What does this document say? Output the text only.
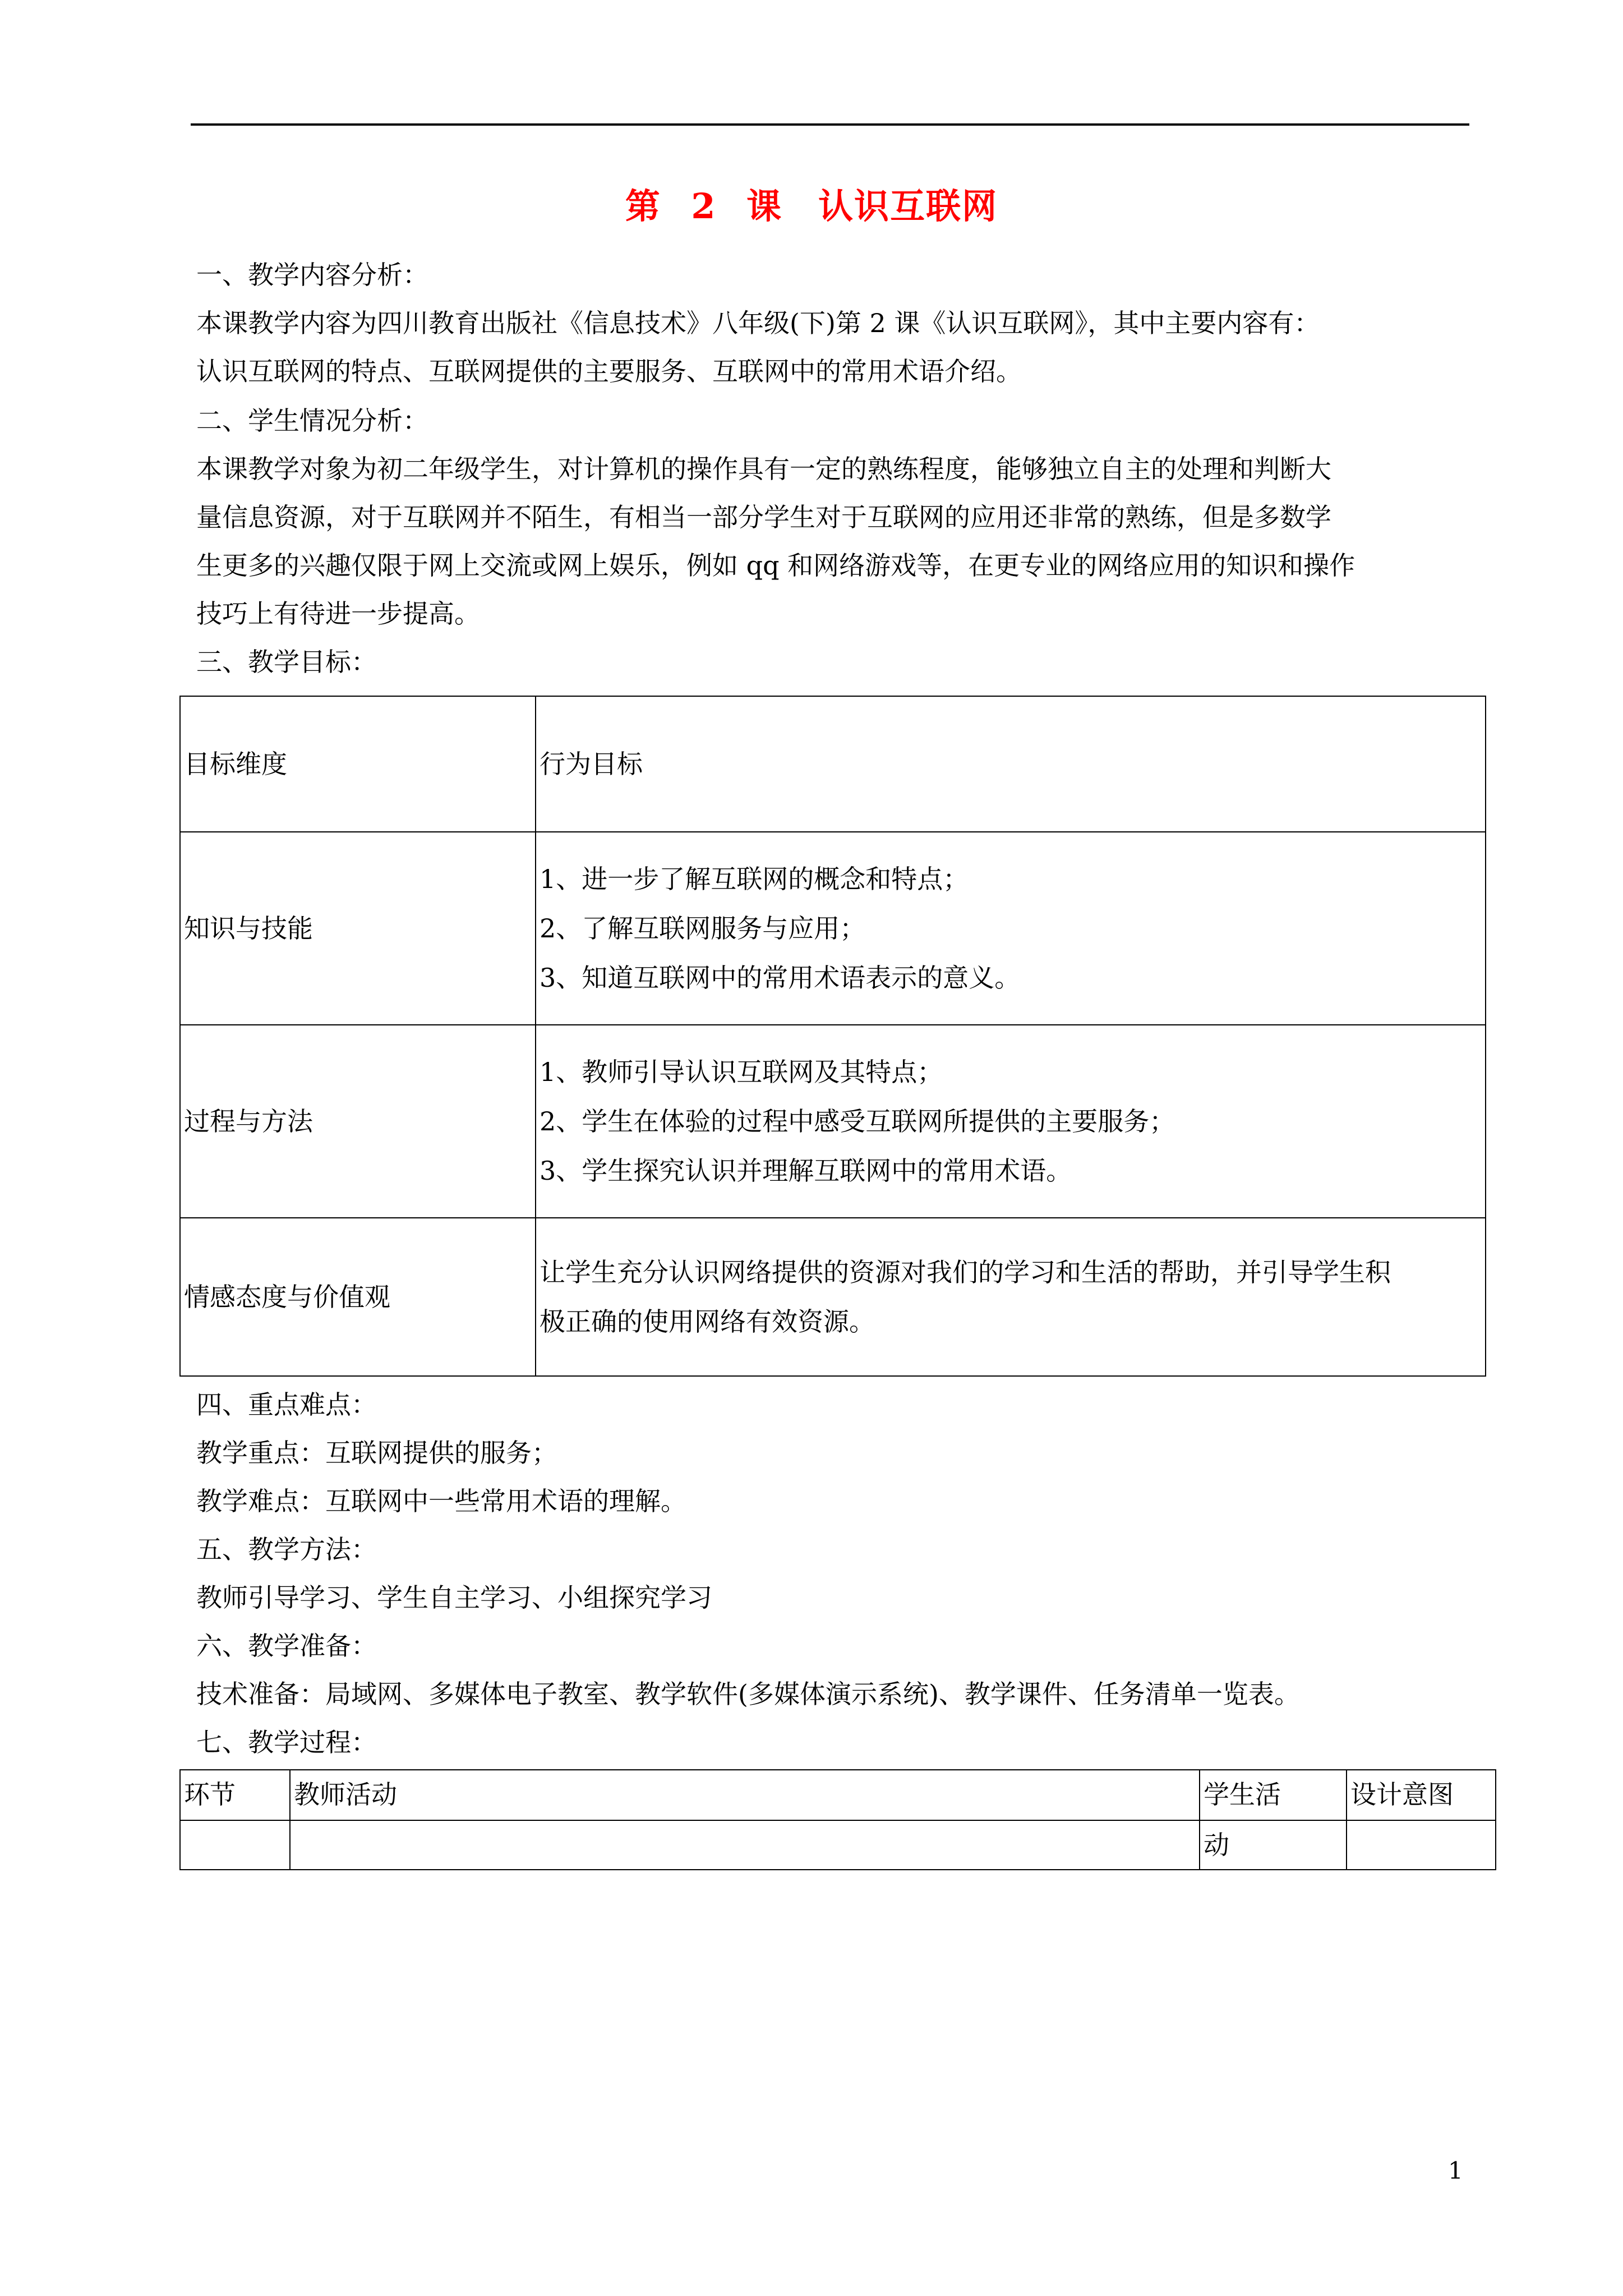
第 2 课　认识互联网
一、教学内容分析：
本课教学内容为四川教育出版社《信息技术》八年级(下)第 2 课《认识互联网》，其中主要内容有：
认识互联网的特点、互联网提供的主要服务、互联网中的常用术语介绍。
二、学生情况分析：
本课教学对象为初二年级学生，对计算机的操作具有一定的熟练程度，能够独立自主的处理和判断大
量信息资源，对于互联网并不陌生，有相当一部分学生对于互联网的应用还非常的熟练，但是多数学
生更多的兴趣仅限于网上交流或网上娱乐，例如 qq 和网络游戏等，在更专业的网络应用的知识和操作
技巧上有待进一步提高。
三、教学目标：
目标维度	行为目标
知识与技能	1、进一步了解互联网的概念和特点；
2、了解互联网服务与应用；
3、知道互联网中的常用术语表示的意义。

过程与方法	1、教师引导认识互联网及其特点；
2、学生在体验的过程中感受互联网所提供的主要服务；
3、学生探究认识并理解互联网中的常用术语。

情感态度与价值观	让学生充分认识网络提供的资源对我们的学习和生活的帮助，并引导学生积
极正确的使用网络有效资源。
四、重点难点：
教学重点：互联网提供的服务；
教学难点：互联网中一些常用术语的理解。
五、教学方法：
教师引导学习、学生自主学习、小组探究学习
六、教学准备：
技术准备：局域网、多媒体电子教室、教学软件(多媒体演示系统)、教学课件、任务清单一览表。
七、教学过程：
环节	教师活动	学生活	设计意图
		动	
1
